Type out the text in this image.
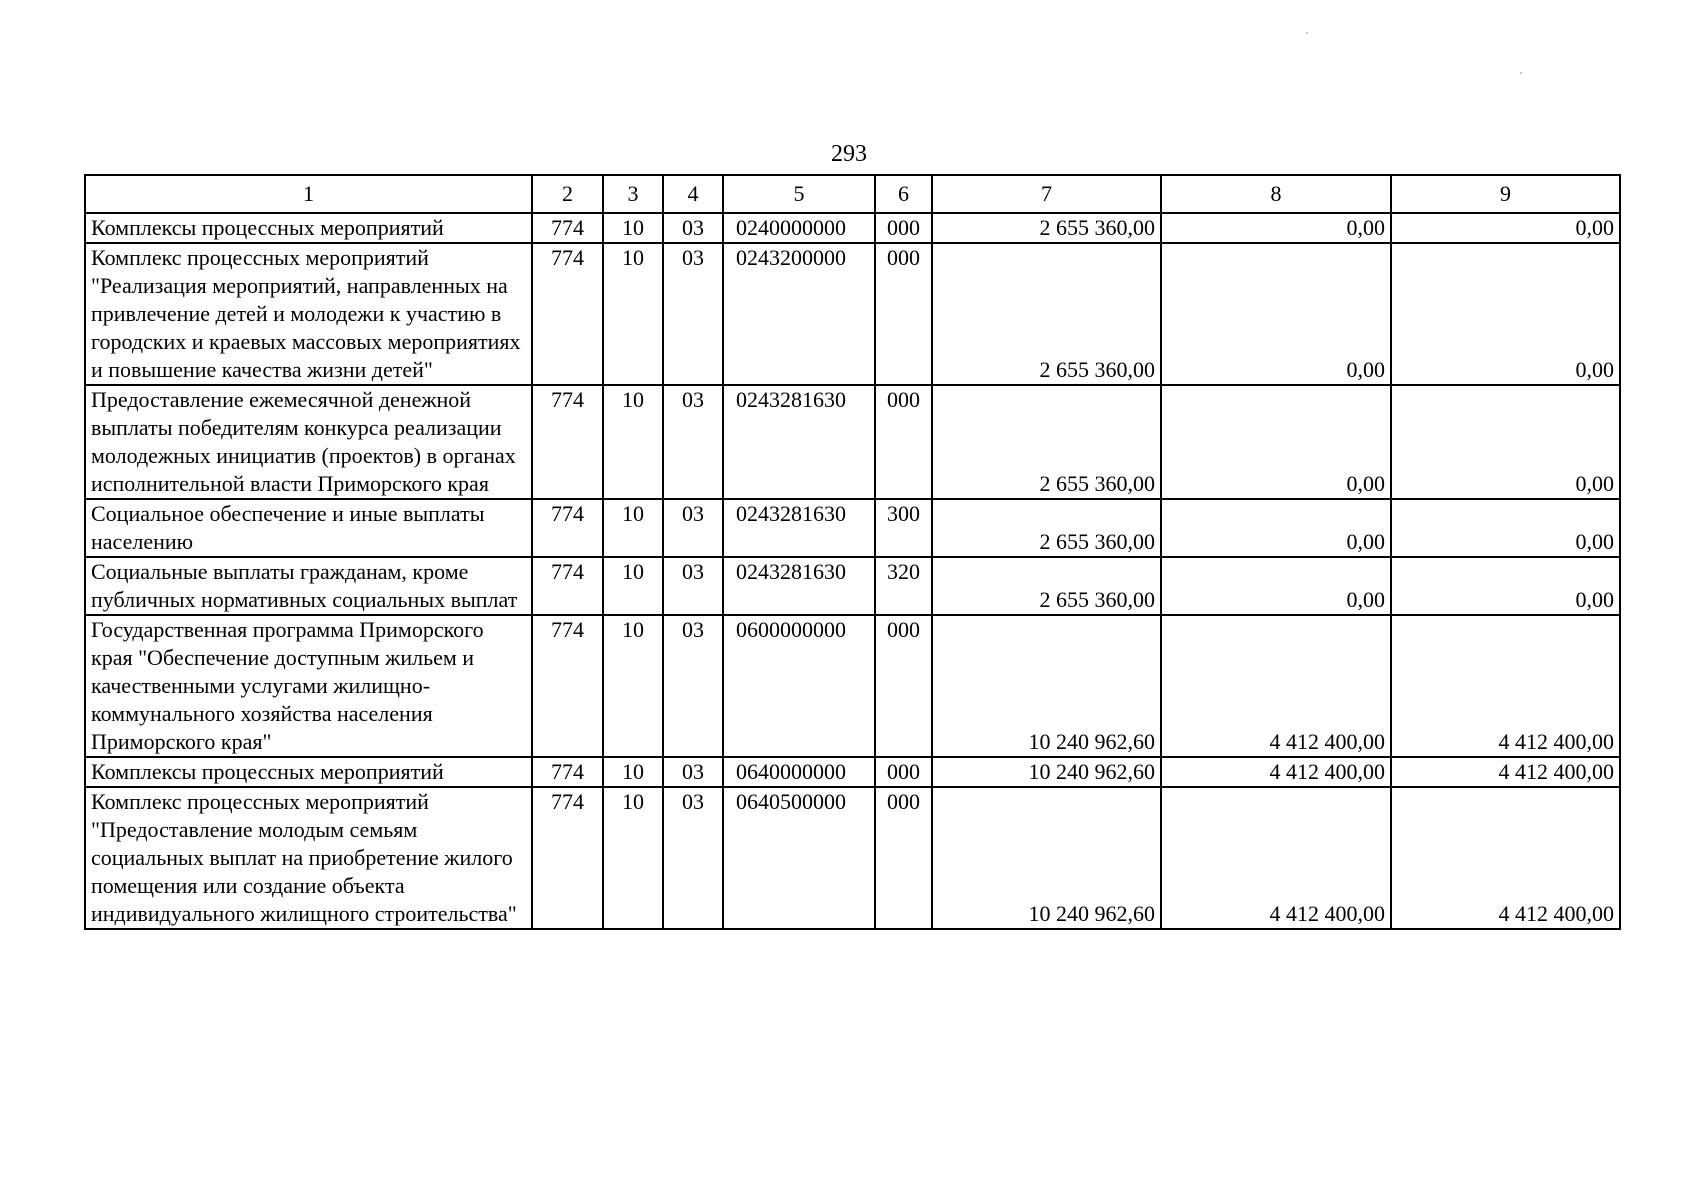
293
1	2	3	4	5	6	7	8	9
Комплексы процессных мероприятий	774	10	03	0240000000	000	2 655 360,00	0,00	0,00
Комплекс процессных мероприятий "Реализация мероприятий, направленных на привлечение детей и молодежи к участию в городских и краевых массовых мероприятиях и повышение качества жизни детей"	774	10	03	0243200000	000	2 655 360,00	0,00	0,00
Предоставление ежемесячной денежной выплаты победителям конкурса реализации молодежных инициатив (проектов) в органах исполнительной власти Приморского края	774	10	03	0243281630	000	2 655 360,00	0,00	0,00
Социальное обеспечение и иные выплаты населению	774	10	03	0243281630	300	2 655 360,00	0,00	0,00
Социальные выплаты гражданам, кроме публичных нормативных социальных выплат	774	10	03	0243281630	320	2 655 360,00	0,00	0,00
Государственная программа Приморского края "Обеспечение доступным жильем и качественными услугами жилищно-коммунального хозяйства населения Приморского края"	774	10	03	0600000000	000	10 240 962,60	4 412 400,00	4 412 400,00
Комплексы процессных мероприятий	774	10	03	0640000000	000	10 240 962,60	4 412 400,00	4 412 400,00
Комплекс процессных мероприятий "Предоставление молодым семьям социальных выплат на приобретение жилого помещения или создание объекта индивидуального жилищного строительства"	774	10	03	0640500000	000	10 240 962,60	4 412 400,00	4 412 400,00
